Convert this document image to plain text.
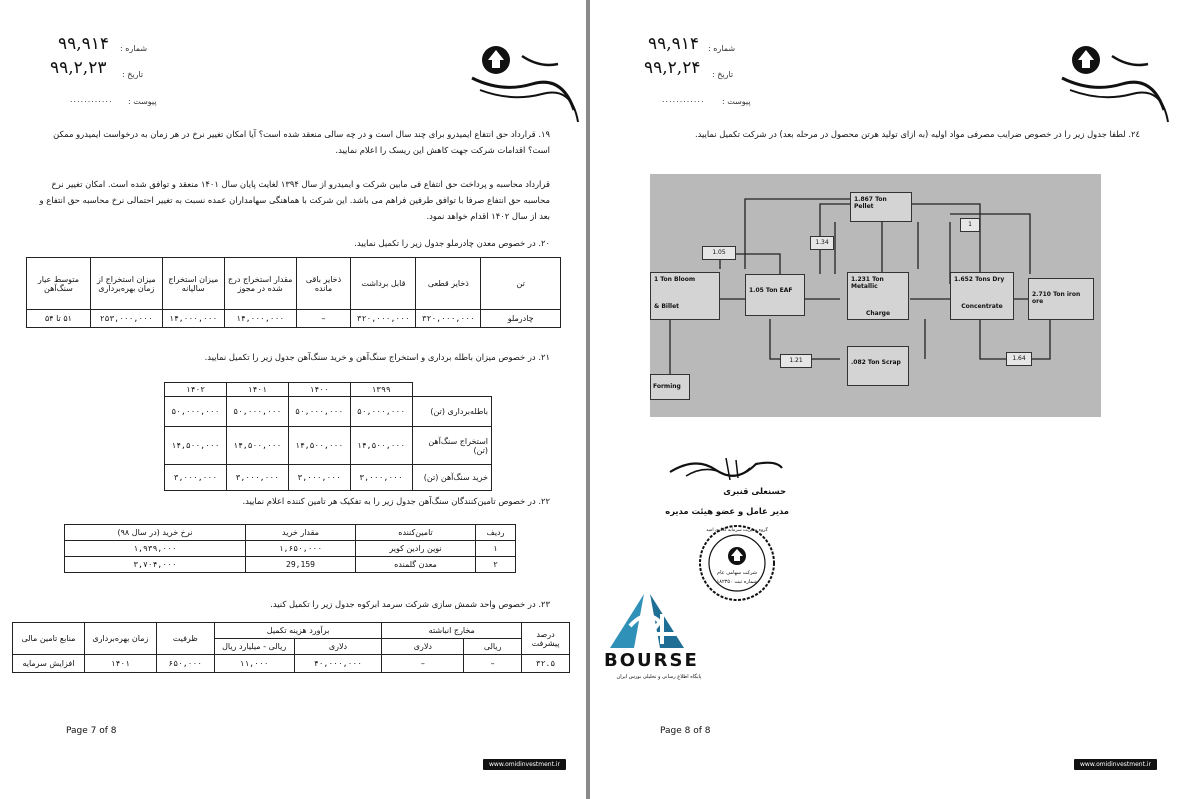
۹۹,۹۱۴ شماره :
۹۹,۲,۲۳ تاریخ :
............ پیوست :
١٩. قرارداد حق انتفاع ایمیدرو برای چند سال است و در چه سالی منعقد شده است؟ آیا امکان تغییر نرخ در هر زمان به درخواست ایمیدرو ممکن است؟ اقدامات شرکت جهت کاهش این ریسک را اعلام نمایید.
قرارداد محاسبه و پرداخت حق انتفاع فی مابین شرکت و ایمیدرو از سال ۱۳۹۴ لغایت پایان سال ۱۴۰۱ منعقد و توافق شده است. امکان تغییر نرخ محاسبه حق انتفاع صرفا با توافق طرفین فراهم می باشد. این شرکت با هماهنگی سهامداران عمده نسبت به تغییر احتمالی نرخ محاسبه حق انتفاع و بعد از سال ۱۴۰۲ اقدام خواهد نمود.
٢٠. در خصوص معدن چادرملو جدول زیر را تکمیل نمایید.
تن	ذخایر قطعی	قابل برداشت	ذخایر باقی مانده	مقدار استخراج درج شده در مجوز	میزان استخراج سالیانه	میزان استخراج از زمان بهره‌برداری	متوسط عیار سنگ‌آهن
چادرملو	۳۲۰,۰۰۰,۰۰۰	۳۲۰,۰۰۰,۰۰۰	–	۱۴,۰۰۰,۰۰۰	۱۴,۰۰۰,۰۰۰	۲۵۳,۰۰۰,۰۰۰	۵۱ تا ۵۴
٢١. در خصوص میزان باطله برداری و استخراج سنگ‌آهن و خرید سنگ‌آهن جدول زیر را تکمیل نمایید.
	۱۳۹۹	۱۴۰۰	۱۴۰۱	۱۴۰۲
باطله‌برداری (تن)	۵۰,۰۰۰,۰۰۰	۵۰,۰۰۰,۰۰۰	۵۰,۰۰۰,۰۰۰	۵۰,۰۰۰,۰۰۰
استخراج سنگ‌آهن (تن)	۱۴,۵۰۰,۰۰۰	۱۴,۵۰۰,۰۰۰	۱۴,۵۰۰,۰۰۰	۱۴,۵۰۰,۰۰۰
خرید سنگ‌آهن (تن)	۳,۰۰۰,۰۰۰	۳,۰۰۰,۰۰۰	۳,۰۰۰,۰۰۰	۳,۰۰۰,۰۰۰
٢٢. در خصوص تامین‌کنندگان سنگ‌آهن جدول زیر را به تفکیک هر تامین کننده اعلام نمایید.
ردیف	تامین‌کننده	مقدار خرید	نرخ خرید (در سال ۹۸)
۱	نوین رادین کویر	۱,۶۵۰,۰۰۰	۱,۹۳۹,۰۰۰
۲	معدن گلمنده	29,159	۳,۷۰۴,۰۰۰
٢٣. در خصوص واحد شمش سازی شرکت سرمد ابرکوه جدول زیر را تکمیل کنید.
درصد پیشرفت	مخارج انباشته		برآورد هزینه تکمیل		ظرفیت	زمان بهره‌برداری	منابع تامین مالی
	ریالی	دلاری	دلاری	ریالی - میلیارد ریال			
۳۲.۵	–	–	۴۰,۰۰۰,۰۰۰	۱۱,۰۰۰	۶۵۰,۰۰۰	۱۴۰۱	افزایش سرمایه
Page 7 of 8
www.omidinvestment.ir
۹۹,۹۱۴ شماره :
۹۹,۲,۲۴ تاریخ :
............ پیوست :
٢٤. لطفا جدول زیر را در خصوص ضرایب مصرفی مواد اولیه (به ازای تولید هرتن محصول در مرحله بعد) در شرکت تکمیل نمایید.
1.867 Ton Pellet
1 Ton Bloom
& Billet
1.05 Ton EAF
1.231 Ton Metallic
Charge
1.652 Tons Dry
Concentrate
2.710 Ton iron ore
.082 Ton Scrap
Forming
1.05
1.34
1
1.21	1.64
حسنعلی قنبری
مدیر عامل و عضو هیئت مدیره
شرکت سهامی عام
شماره ثبت ۱۸۲۳۵۰
گروه مدیریت سرمایه گذاری امید
BOURSE
پایگاه اطلاع رسانی و تحلیلی بورس ایران
Page 8 of 8
www.omidinvestment.ir
